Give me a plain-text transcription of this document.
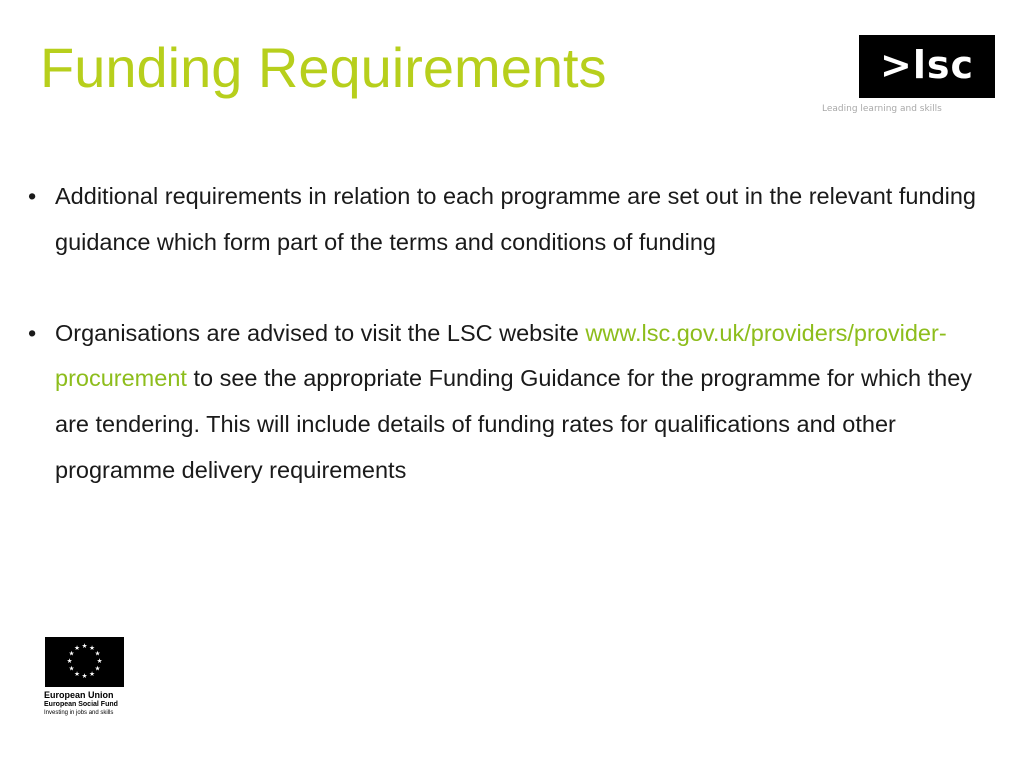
Funding Requirements	>lsc
Leading learning and skills
• Additional requirements in relation to each programme are set out in the relevant funding guidance which form part of the terms and conditions of funding
• Organisations are advised to visit the LSC website www.lsc.gov.uk/providers/provider-procurement to see the appropriate Funding Guidance for the programme for which they are tendering. This will include details of funding rates for qualifications and other programme delivery requirements
★ ★
★
★
★
★
★
★
★
★
★
★
European Union
European Social Fund
Investing in jobs and skills
